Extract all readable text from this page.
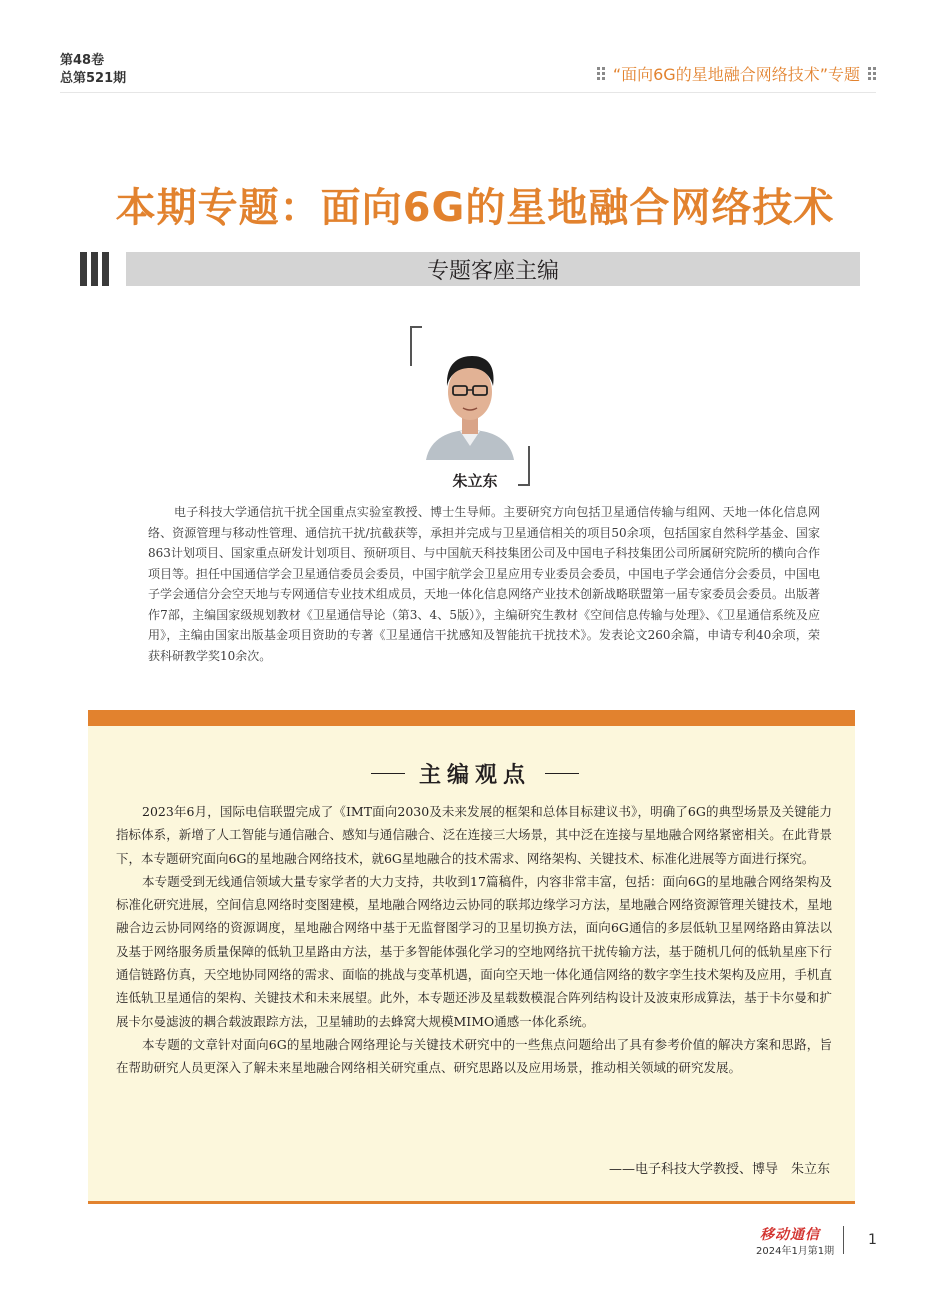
第48卷
总第521期	“面向6G的星地融合网络技术”专题
本期专题：面向6G的星地融合网络技术
专题客座主编
朱立东

电子科技大学通信抗干扰全国重点实验室教授、博士生导师。主要研究方向包括卫星通信传输与组网、天地一体化信息网络、资源管理与移动性管理、通信抗干扰/抗截获等，承担并完成与卫星通信相关的项目50余项，包括国家自然科学基金、国家863计划项目、国家重点研发计划项目、预研项目、与中国航天科技集团公司及中国电子科技集团公司所属研究院所的横向合作项目等。担任中国通信学会卫星通信委员会委员，中国宇航学会卫星应用专业委员会委员，中国电子学会通信分会委员，中国电子学会通信分会空天地与专网通信专业技术组成员，天地一体化信息网络产业技术创新战略联盟第一届专家委员会委员。出版著作7部，主编国家级规划教材《卫星通信导论（第3、4、5版）》，主编研究生教材《空间信息传输与处理》、《卫星通信系统及应用》，主编由国家出版基金项目资助的专著《卫星通信干扰感知及智能抗干扰技术》。发表论文260余篇，申请专利40余项，荣获科研教学奖10余次。

主编观点

2023年6月，国际电信联盟完成了《IMT面向2030及未来发展的框架和总体目标建议书》，明确了6G的典型场景及关键能力指标体系，新增了人工智能与通信融合、感知与通信融合、泛在连接三大场景，其中泛在连接与星地融合网络紧密相关。在此背景下，本专题研究面向6G的星地融合网络技术，就6G星地融合的技术需求、网络架构、关键技术、标准化进展等方面进行探究。

本专题受到无线通信领域大量专家学者的大力支持，共收到17篇稿件，内容非常丰富，包括：面向6G的星地融合网络架构及标准化研究进展，空间信息网络时变图建模，星地融合网络边云协同的联邦边缘学习方法，星地融合网络资源管理关键技术，星地融合边云协同网络的资源调度，星地融合网络中基于无监督图学习的卫星切换方法，面向6G通信的多层低轨卫星网络路由算法以及基于网络服务质量保障的低轨卫星路由方法，基于多智能体强化学习的空地网络抗干扰传输方法，基于随机几何的低轨星座下行通信链路仿真，天空地协同网络的需求、面临的挑战与变革机遇，面向空天地一体化通信网络的数字孪生技术架构及应用，手机直连低轨卫星通信的架构、关键技术和未来展望。此外，本专题还涉及星载数模混合阵列结构设计及波束形成算法，基于卡尔曼和扩展卡尔曼滤波的耦合载波跟踪方法，卫星辅助的去蜂窝大规模MIMO通感一体化系统。

本专题的文章针对面向6G的星地融合网络理论与关键技术研究中的一些焦点问题给出了具有参考价值的解决方案和思路，旨在帮助研究人员更深入了解未来星地融合网络相关研究重点、研究思路以及应用场景，推动相关领域的研究发展。

——电子科技大学教授、博导　朱立东
移动通信
2024年1月第1期
1
